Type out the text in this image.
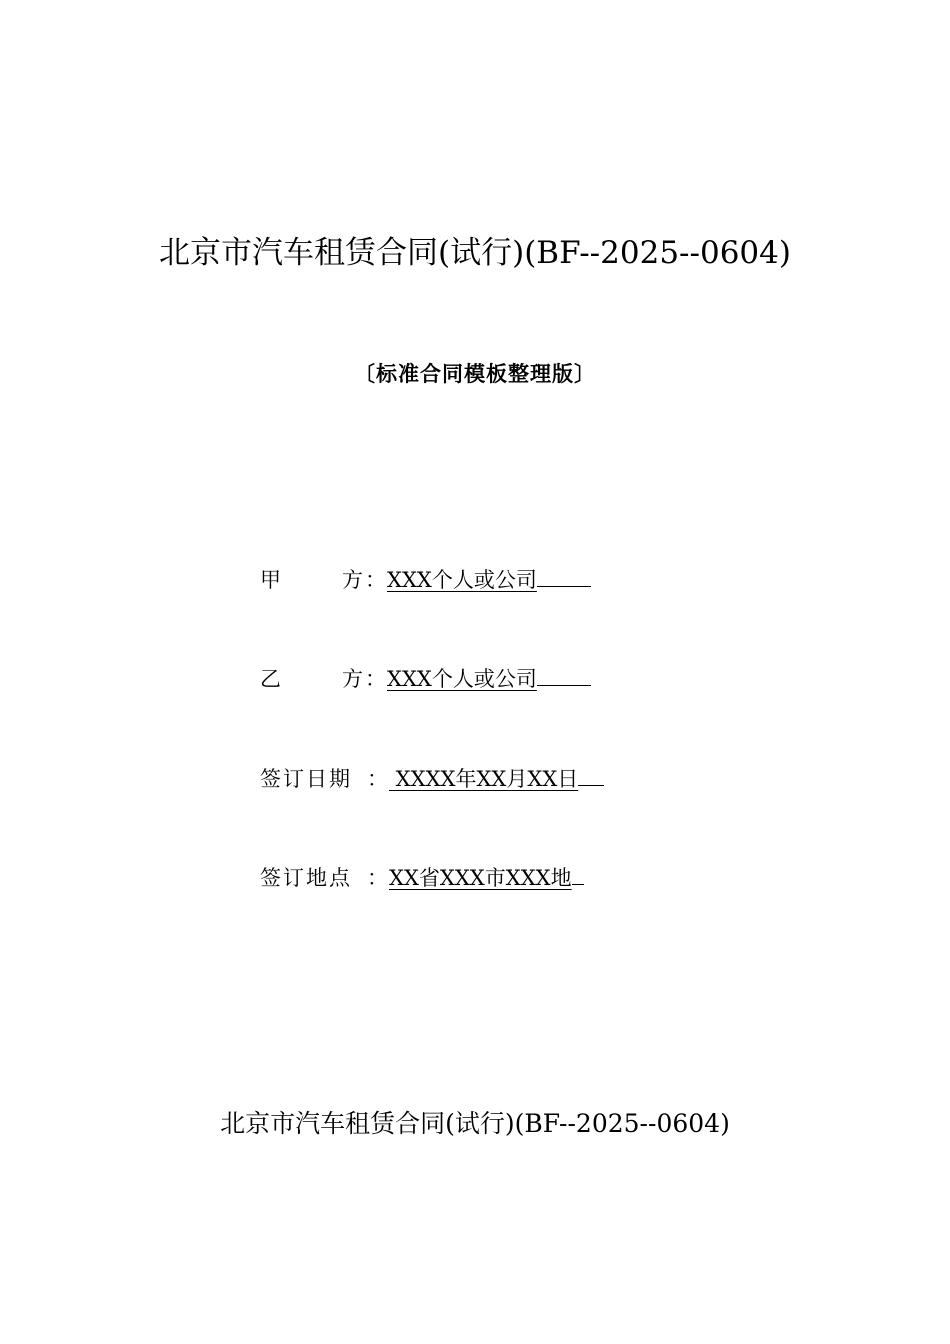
北京市汽车租赁合同(试行)(BF--2025--0604)
〔标准合同模板整理版〕
甲	方 ： XXX个人或公司
乙	方 ： XXX个人或公司
签订日期 ： XXXX年XX月XX日
签订地点 ： XX省XXX市XXX地
北京市汽车租赁合同(试行)(BF--2025--0604)
